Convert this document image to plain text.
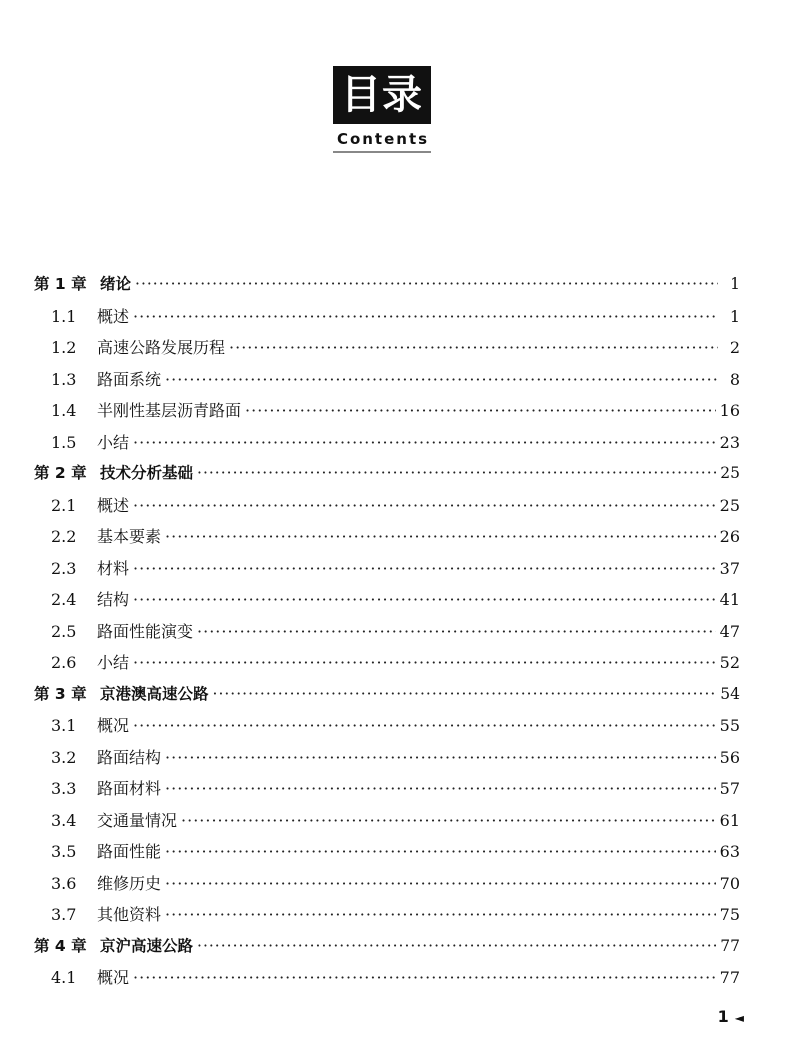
目录
Contents
第 1 章 绪论 ·····	1
1.1	概述 ·····	1
1.2	高速公路发展历程 ·····	2
1.3	路面系统 ·····	8
1.4	半刚性基层沥青路面 ·····	16
1.5	小结 ·····	23
第 2 章 技术分析基础 ·····	25
2.1	概述 ·····	25
2.2	基本要素 ·····	26
2.3	材料 ·····	37
2.4	结构 ·····	41
2.5	路面性能演变 ·····	47
2.6	小结 ·····	52
第 3 章 京港澳高速公路 ·····	54
3.1	概况 ·····	55
3.2	路面结构 ·····	56
3.3	路面材料 ·····	57
3.4	交通量情况 ·····	61
3.5	路面性能 ·····	63
3.6	维修历史 ·····	70
3.7	其他资料 ·····	75
第 4 章 京沪高速公路 ·····	77
4.1	概况 ·····	77
1 ◄
